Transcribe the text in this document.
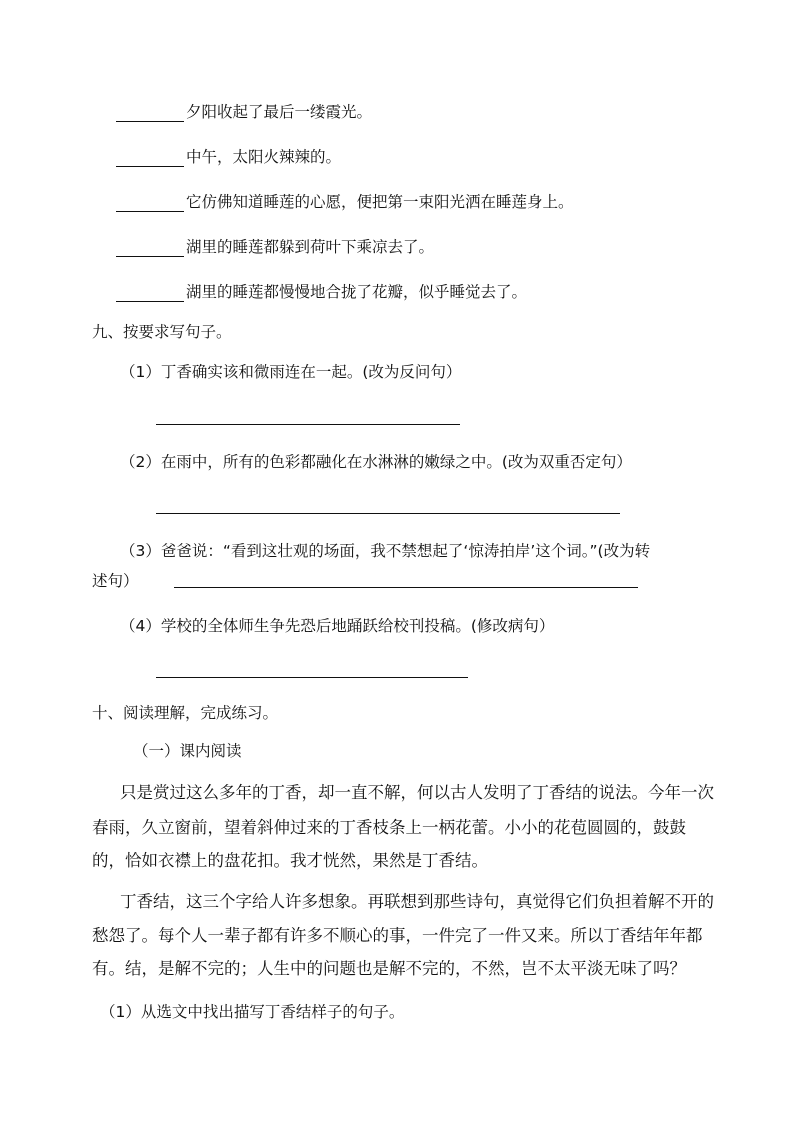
夕阳收起了最后一缕霞光。
中午，太阳火辣辣的。
它仿佛知道睡莲的心愿，便把第一束阳光洒在睡莲身上。
湖里的睡莲都躲到荷叶下乘凉去了。
湖里的睡莲都慢慢地合拢了花瓣，似乎睡觉去了。
九、按要求写句子。
（1）丁香确实该和微雨连在一起。(改为反问句）
（2）在雨中，所有的色彩都融化在水淋淋的嫩绿之中。(改为双重否定句）
（3）爸爸说：“看到这壮观的场面，我不禁想起了‘惊涛拍岸’这个词。”(改为转
述句）
（4）学校的全体师生争先恐后地踊跃给校刊投稿。(修改病句）
十、阅读理解，完成练习。
（一）课内阅读
只是赏过这么多年的丁香，却一直不解，何以古人发明了丁香结的说法。今年一次
春雨，久立窗前，望着斜伸过来的丁香枝条上一柄花蕾。小小的花苞圆圆的，鼓鼓
的，恰如衣襟上的盘花扣。我才恍然，果然是丁香结。
丁香结，这三个字给人许多想象。再联想到那些诗句，真觉得它们负担着解不开的
愁怨了。每个人一辈子都有许多不顺心的事，一件完了一件又来。所以丁香结年年都
有。结，是解不完的；人生中的问题也是解不完的，不然，岂不太平淡无味了吗？
（1）从选文中找出描写丁香结样子的句子。
